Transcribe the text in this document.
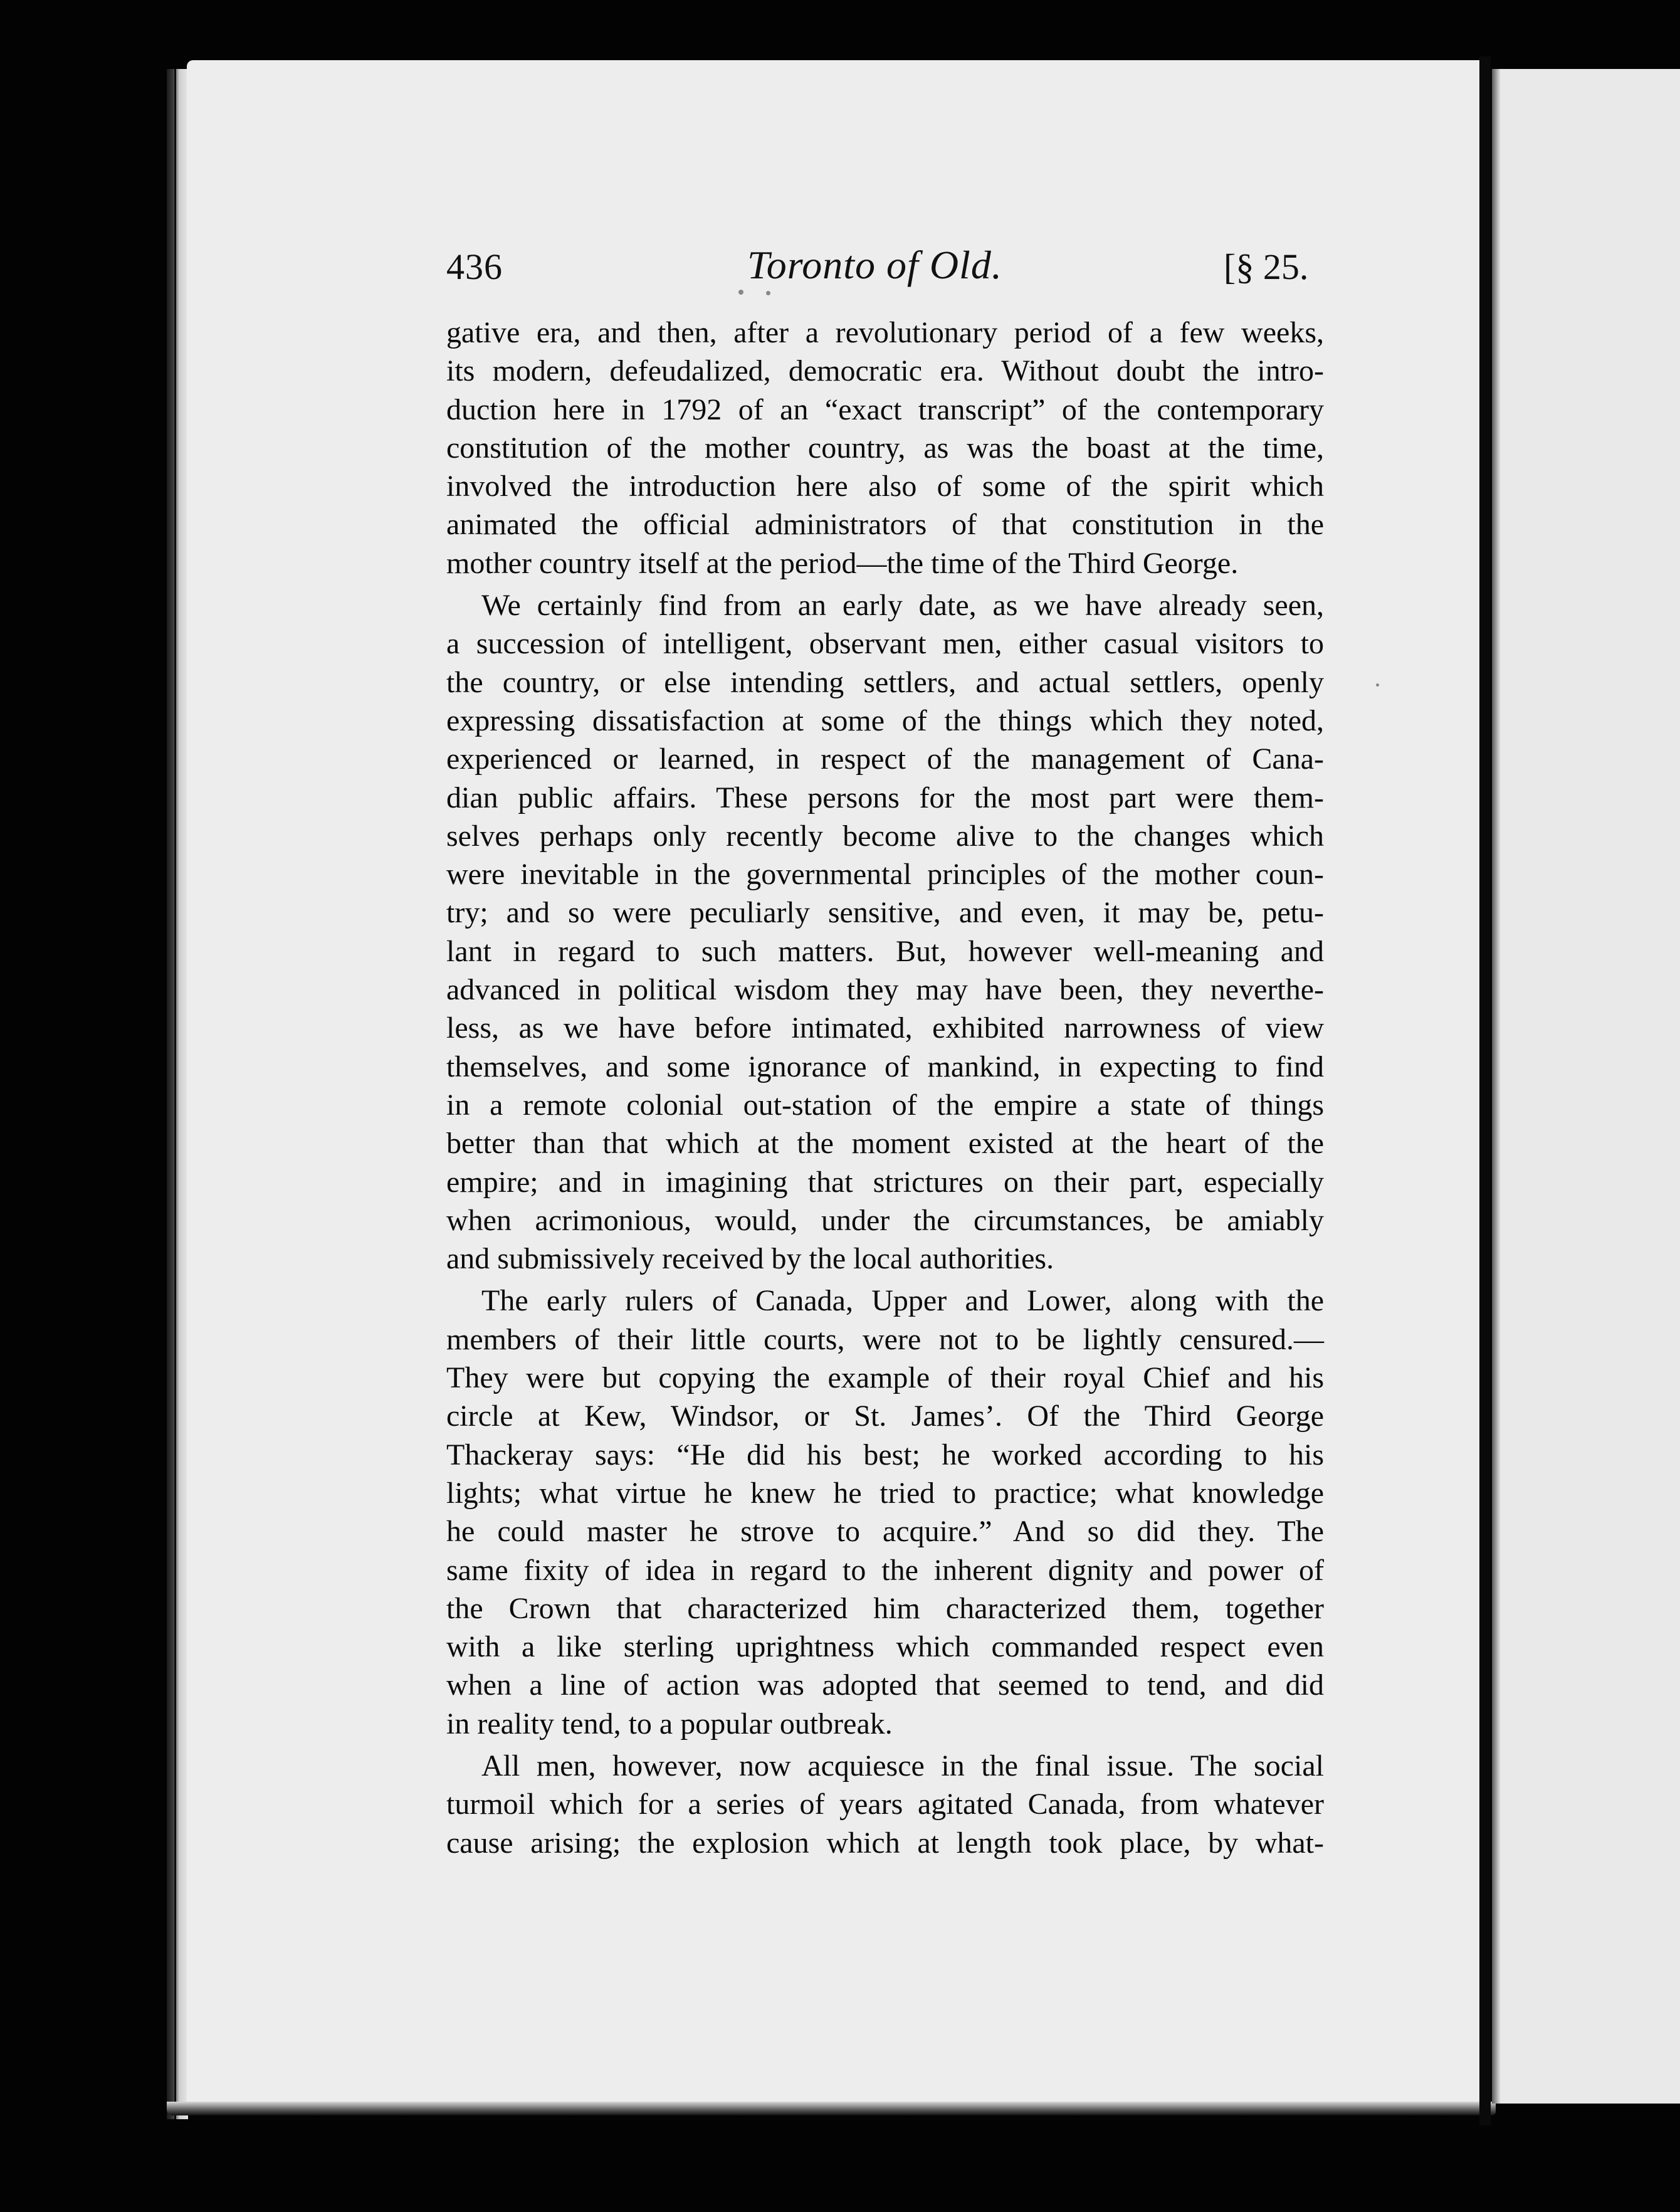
436	Toronto of Old.	[§ 25.
gative era, and then, after a revolutionary period of a few weeks,
its modern, defeudalized, democratic era. Without doubt the intro-
duction here in 1792 of an “exact transcript” of the contemporary
constitution of the mother country, as was the boast at the time,
involved the introduction here also of some of the spirit which
animated the official administrators of that constitution in the
mother country itself at the period—the time of the Third George.
We certainly find from an early date, as we have already seen,
a succession of intelligent, observant men, either casual visitors to
the country, or else intending settlers, and actual settlers, openly
expressing dissatisfaction at some of the things which they noted,
experienced or learned, in respect of the management of Cana-
dian public affairs. These persons for the most part were them-
selves perhaps only recently become alive to the changes which
were inevitable in the governmental principles of the mother coun-
try; and so were peculiarly sensitive, and even, it may be, petu-
lant in regard to such matters. But, however well-meaning and
advanced in political wisdom they may have been, they neverthe-
less, as we have before intimated, exhibited narrowness of view
themselves, and some ignorance of mankind, in expecting to find
in a remote colonial out-station of the empire a state of things
better than that which at the moment existed at the heart of the
empire; and in imagining that strictures on their part, especially
when acrimonious, would, under the circumstances, be amiably
and submissively received by the local authorities.
The early rulers of Canada, Upper and Lower, along with the
members of their little courts, were not to be lightly censured.—
They were but copying the example of their royal Chief and his
circle at Kew, Windsor, or St. James’. Of the Third George
Thackeray says: “He did his best; he worked according to his
lights; what virtue he knew he tried to practice; what knowledge
he could master he strove to acquire.” And so did they. The
same fixity of idea in regard to the inherent dignity and power of
the Crown that characterized him characterized them, together
with a like sterling uprightness which commanded respect even
when a line of action was adopted that seemed to tend, and did
in reality tend, to a popular outbreak.
All men, however, now acquiesce in the final issue. The social
turmoil which for a series of years agitated Canada, from whatever
cause arising; the explosion which at length took place, by what-
